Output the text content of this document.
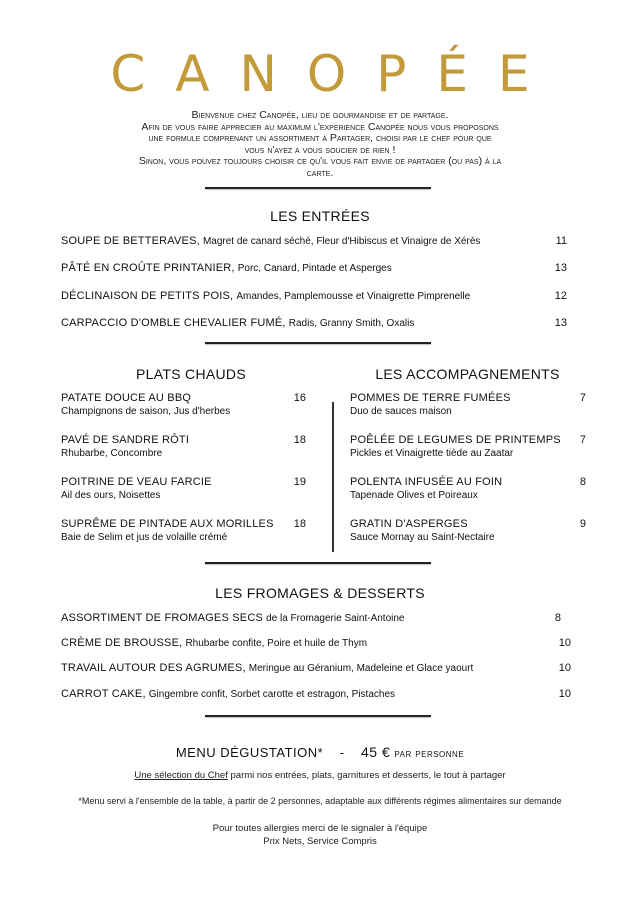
CANOPÉE
Bienvenue chez Canopée, lieu de gourmandise et de partage.
Afin de vous faire apprecier au maximum l'experience Canopée nous vous proposons
une formule comprenant un assortiment à Partager, choisi par le chef pour que
vous n'ayez a vous soucier de rien !
Sinon, vous pouvez toujours choisir ce qu'il vous fait envie de partager (ou pas) à la
carte.
LES ENTRÉES
SOUPE DE BETTERAVES, Magret de canard séché, Fleur d'Hibiscus et Vinaigre de Xérès	11
PÂTÉ EN CROÛTE PRINTANIER, Porc, Canard, Pintade et Asperges	13
DÉCLINAISON DE PETITS POIS, Amandes, Pamplemousse et Vinaigrette Pimprenelle	12
CARPACCIO D'OMBLE CHEVALIER FUMÉ, Radis, Granny Smith, Oxalis	13
PLATS CHAUDS	LES ACCOMPAGNEMENTS
PATATE DOUCE AU BBQ
Champignons de saison, Jus d'herbes
16
PAVÉ DE SANDRE RÔTI
Rhubarbe, Concombre
18
POITRINE DE VEAU FARCIE
Ail des ours, Noisettes
19
SUPRÊME DE PINTADE AUX MORILLES
Baie de Selim et jus de volaille crémé
18
POMMES DE TERRE FUMÉES
Duo de sauces maison
7
POÊLÉE DE LEGUMES DE PRINTEMPS
Pickles et Vinaigrette tiède au Zaatar
7
POLENTA INFUSÉE AU FOIN
Tapenade Olives et Poireaux
8
GRATIN D'ASPERGES
Sauce Mornay au Saint-Nectaire
9
LES FROMAGES & DESSERTS
ASSORTIMENT DE FROMAGES SECS de la Fromagerie Saint-Antoine	8
CRÈME DE BROUSSE, Rhubarbe confite, Poire et huile de Thym	10
TRAVAIL AUTOUR DES AGRUMES, Meringue au Géranium, Madeleine et Glace yaourt	10
CARROT CAKE, Gingembre confit, Sorbet carotte et estragon, Pistaches	10
MENU DÉGUSTATION* - 45 € par personne
Une sélection du Chef parmi nos entrées, plats, garnitures et desserts, le tout à partager
*Menu servi à l'ensemble de la table, à partir de 2 personnes, adaptable aux différents régimes alimentaires sur demande
Pour toutes allergies merci de le signaler à l'équipe
Prix Nets, Service Compris
